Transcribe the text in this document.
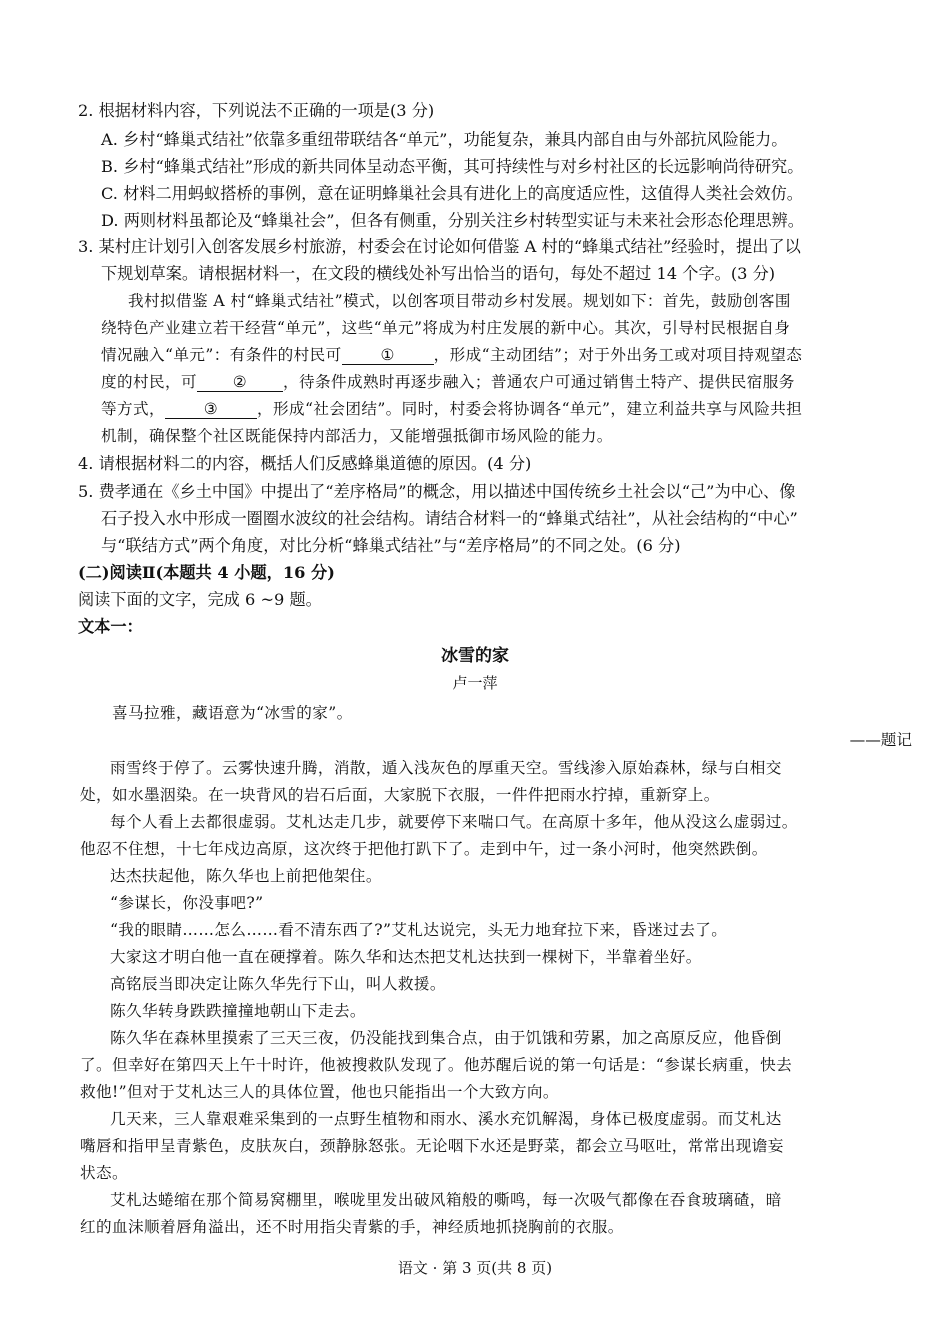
2. 根据材料内容，下列说法不正确的一项是(3 分)
A. 乡村“蜂巢式结社”依靠多重纽带联结各“单元”，功能复杂，兼具内部自由与外部抗风险能力。
B. 乡村“蜂巢式结社”形成的新共同体呈动态平衡，其可持续性与对乡村社区的长远影响尚待研究。
C. 材料二用蚂蚁搭桥的事例，意在证明蜂巢社会具有进化上的高度适应性，这值得人类社会效仿。
D. 两则材料虽都论及“蜂巢社会”，但各有侧重，分别关注乡村转型实证与未来社会形态伦理思辨。
3. 某村庄计划引入创客发展乡村旅游，村委会在讨论如何借鉴 A 村的“蜂巢式结社”经验时，提出了以
下规划草案。请根据材料一，在文段的横线处补写出恰当的语句，每处不超过 14 个字。(3 分)
我村拟借鉴 A 村“蜂巢式结社”模式，以创客项目带动乡村发展。规划如下：首先，鼓励创客围
绕特色产业建立若干经营“单元”，这些“单元”将成为村庄发展的新中心。其次，引导村民根据自身
情况融入“单元”：有条件的村民可 ① ，形成“主动团结”；对于外出务工或对项目持观望态
度的村民，可 ② ，待条件成熟时再逐步融入；普通农户可通过销售土特产、提供民宿服务
等方式， ③ ，形成“社会团结”。同时，村委会将协调各“单元”，建立利益共享与风险共担
机制，确保整个社区既能保持内部活力，又能增强抵御市场风险的能力。
4. 请根据材料二的内容，概括人们反感蜂巢道德的原因。(4 分)
5. 费孝通在《乡土中国》中提出了“差序格局”的概念，用以描述中国传统乡土社会以“己”为中心、像
石子投入水中形成一圈圈水波纹的社会结构。请结合材料一的“蜂巢式结社”，从社会结构的“中心”
与“联结方式”两个角度，对比分析“蜂巢式结社”与“差序格局”的不同之处。(6 分)
(二)阅读Ⅱ(本题共 4 小题，16 分)
阅读下面的文字，完成 6 ~9 题。
文本一：
冰雪的家
卢一萍
喜马拉雅，藏语意为“冰雪的家”。
——题记
雨雪终于停了。云雾快速升腾，消散，遁入浅灰色的厚重天空。雪线渗入原始森林，绿与白相交
处，如水墨洇染。在一块背风的岩石后面，大家脱下衣服，一件件把雨水拧掉，重新穿上。
每个人看上去都很虚弱。艾札达走几步，就要停下来喘口气。在高原十多年，他从没这么虚弱过。
他忍不住想，十七年戍边高原，这次终于把他打趴下了。走到中午，过一条小河时，他突然跌倒。
达杰扶起他，陈久华也上前把他架住。
“参谋长，你没事吧?”
“我的眼睛……怎么……看不清东西了?”艾札达说完，头无力地耷拉下来，昏迷过去了。
大家这才明白他一直在硬撑着。陈久华和达杰把艾札达扶到一棵树下，半靠着坐好。
高铭辰当即决定让陈久华先行下山，叫人救援。
陈久华转身跌跌撞撞地朝山下走去。
陈久华在森林里摸索了三天三夜，仍没能找到集合点，由于饥饿和劳累，加之高原反应，他昏倒
了。但幸好在第四天上午十时许，他被搜救队发现了。他苏醒后说的第一句话是：“参谋长病重，快去
救他!”但对于艾札达三人的具体位置，他也只能指出一个大致方向。
几天来，三人靠艰难采集到的一点野生植物和雨水、溪水充饥解渴，身体已极度虚弱。而艾札达
嘴唇和指甲呈青紫色，皮肤灰白，颈静脉怒张。无论咽下水还是野菜，都会立马呕吐，常常出现谵妄
状态。
艾札达蜷缩在那个简易窝棚里，喉咙里发出破风箱般的嘶鸣，每一次吸气都像在吞食玻璃碴，暗
红的血沫顺着唇角溢出，还不时用指尖青紫的手，神经质地抓挠胸前的衣服。
语文 · 第 3 页(共 8 页)
